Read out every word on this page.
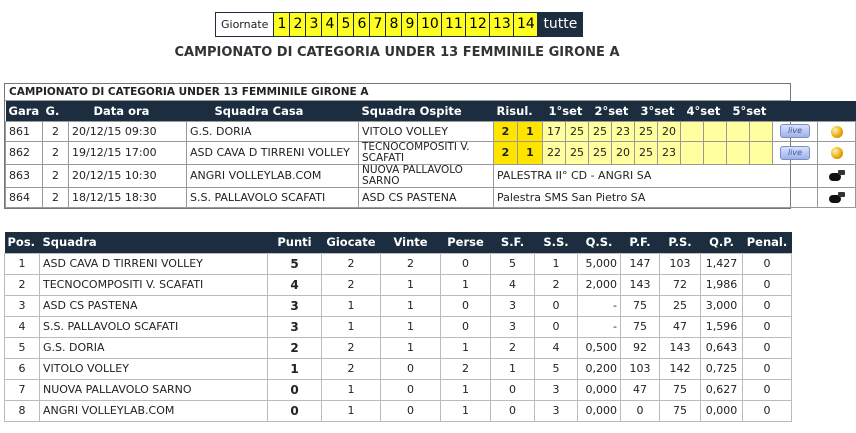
Giornate 1 2 3 4 5 6 7 8 9 10 11 12 13 14 tutte
CAMPIONATO DI CATEGORIA UNDER 13 FEMMINILE GIRONE A
CAMPIONATO DI CATEGORIA UNDER 13 FEMMINILE GIRONE A
Gara	G.	Data ora	Squadra Casa	Squadra Ospite	Risul.		1°set		2°set		3°set		4°set		5°set			
861	2	20/12/15 09:30	G.S. DORIA	VITOLO VOLLEY	2	1	17	25	25	23	25	20					live	
862	2	19/12/15 17:00	ASD CAVA D TIRRENI VOLLEY	TECNOCOMPOSITI V. SCAFATI	2	1	22	25	25	20	25	23					live	
863	2	20/12/15 10:30	ANGRI VOLLEYLAB.COM	NUOVA PALLAVOLO SARNO	PALESTRA II° CD - ANGRI SA													
864	2	18/12/15 18:30	S.S. PALLAVOLO SCAFATI	ASD CS PASTENA	Palestra SMS San Pietro SA													
Pos.	Squadra	Punti	Giocate	Vinte	Perse	S.F.	S.S.	Q.S.	P.F.	P.S.	Q.P.	Penal.
1	ASD CAVA D TIRRENI VOLLEY	5	2	2	0	5	1	5,000	147	103	1,427	0
2	TECNOCOMPOSITI V. SCAFATI	4	2	1	1	4	2	2,000	143	72	1,986	0
3	ASD CS PASTENA	3	1	1	0	3	0	-	75	25	3,000	0
4	S.S. PALLAVOLO SCAFATI	3	1	1	0	3	0	-	75	47	1,596	0
5	G.S. DORIA	2	2	1	1	2	4	0,500	92	143	0,643	0
6	VITOLO VOLLEY	1	2	0	2	1	5	0,200	103	142	0,725	0
7	NUOVA PALLAVOLO SARNO	0	1	0	1	0	3	0,000	47	75	0,627	0
8	ANGRI VOLLEYLAB.COM	0	1	0	1	0	3	0,000	0	75	0,000	0
